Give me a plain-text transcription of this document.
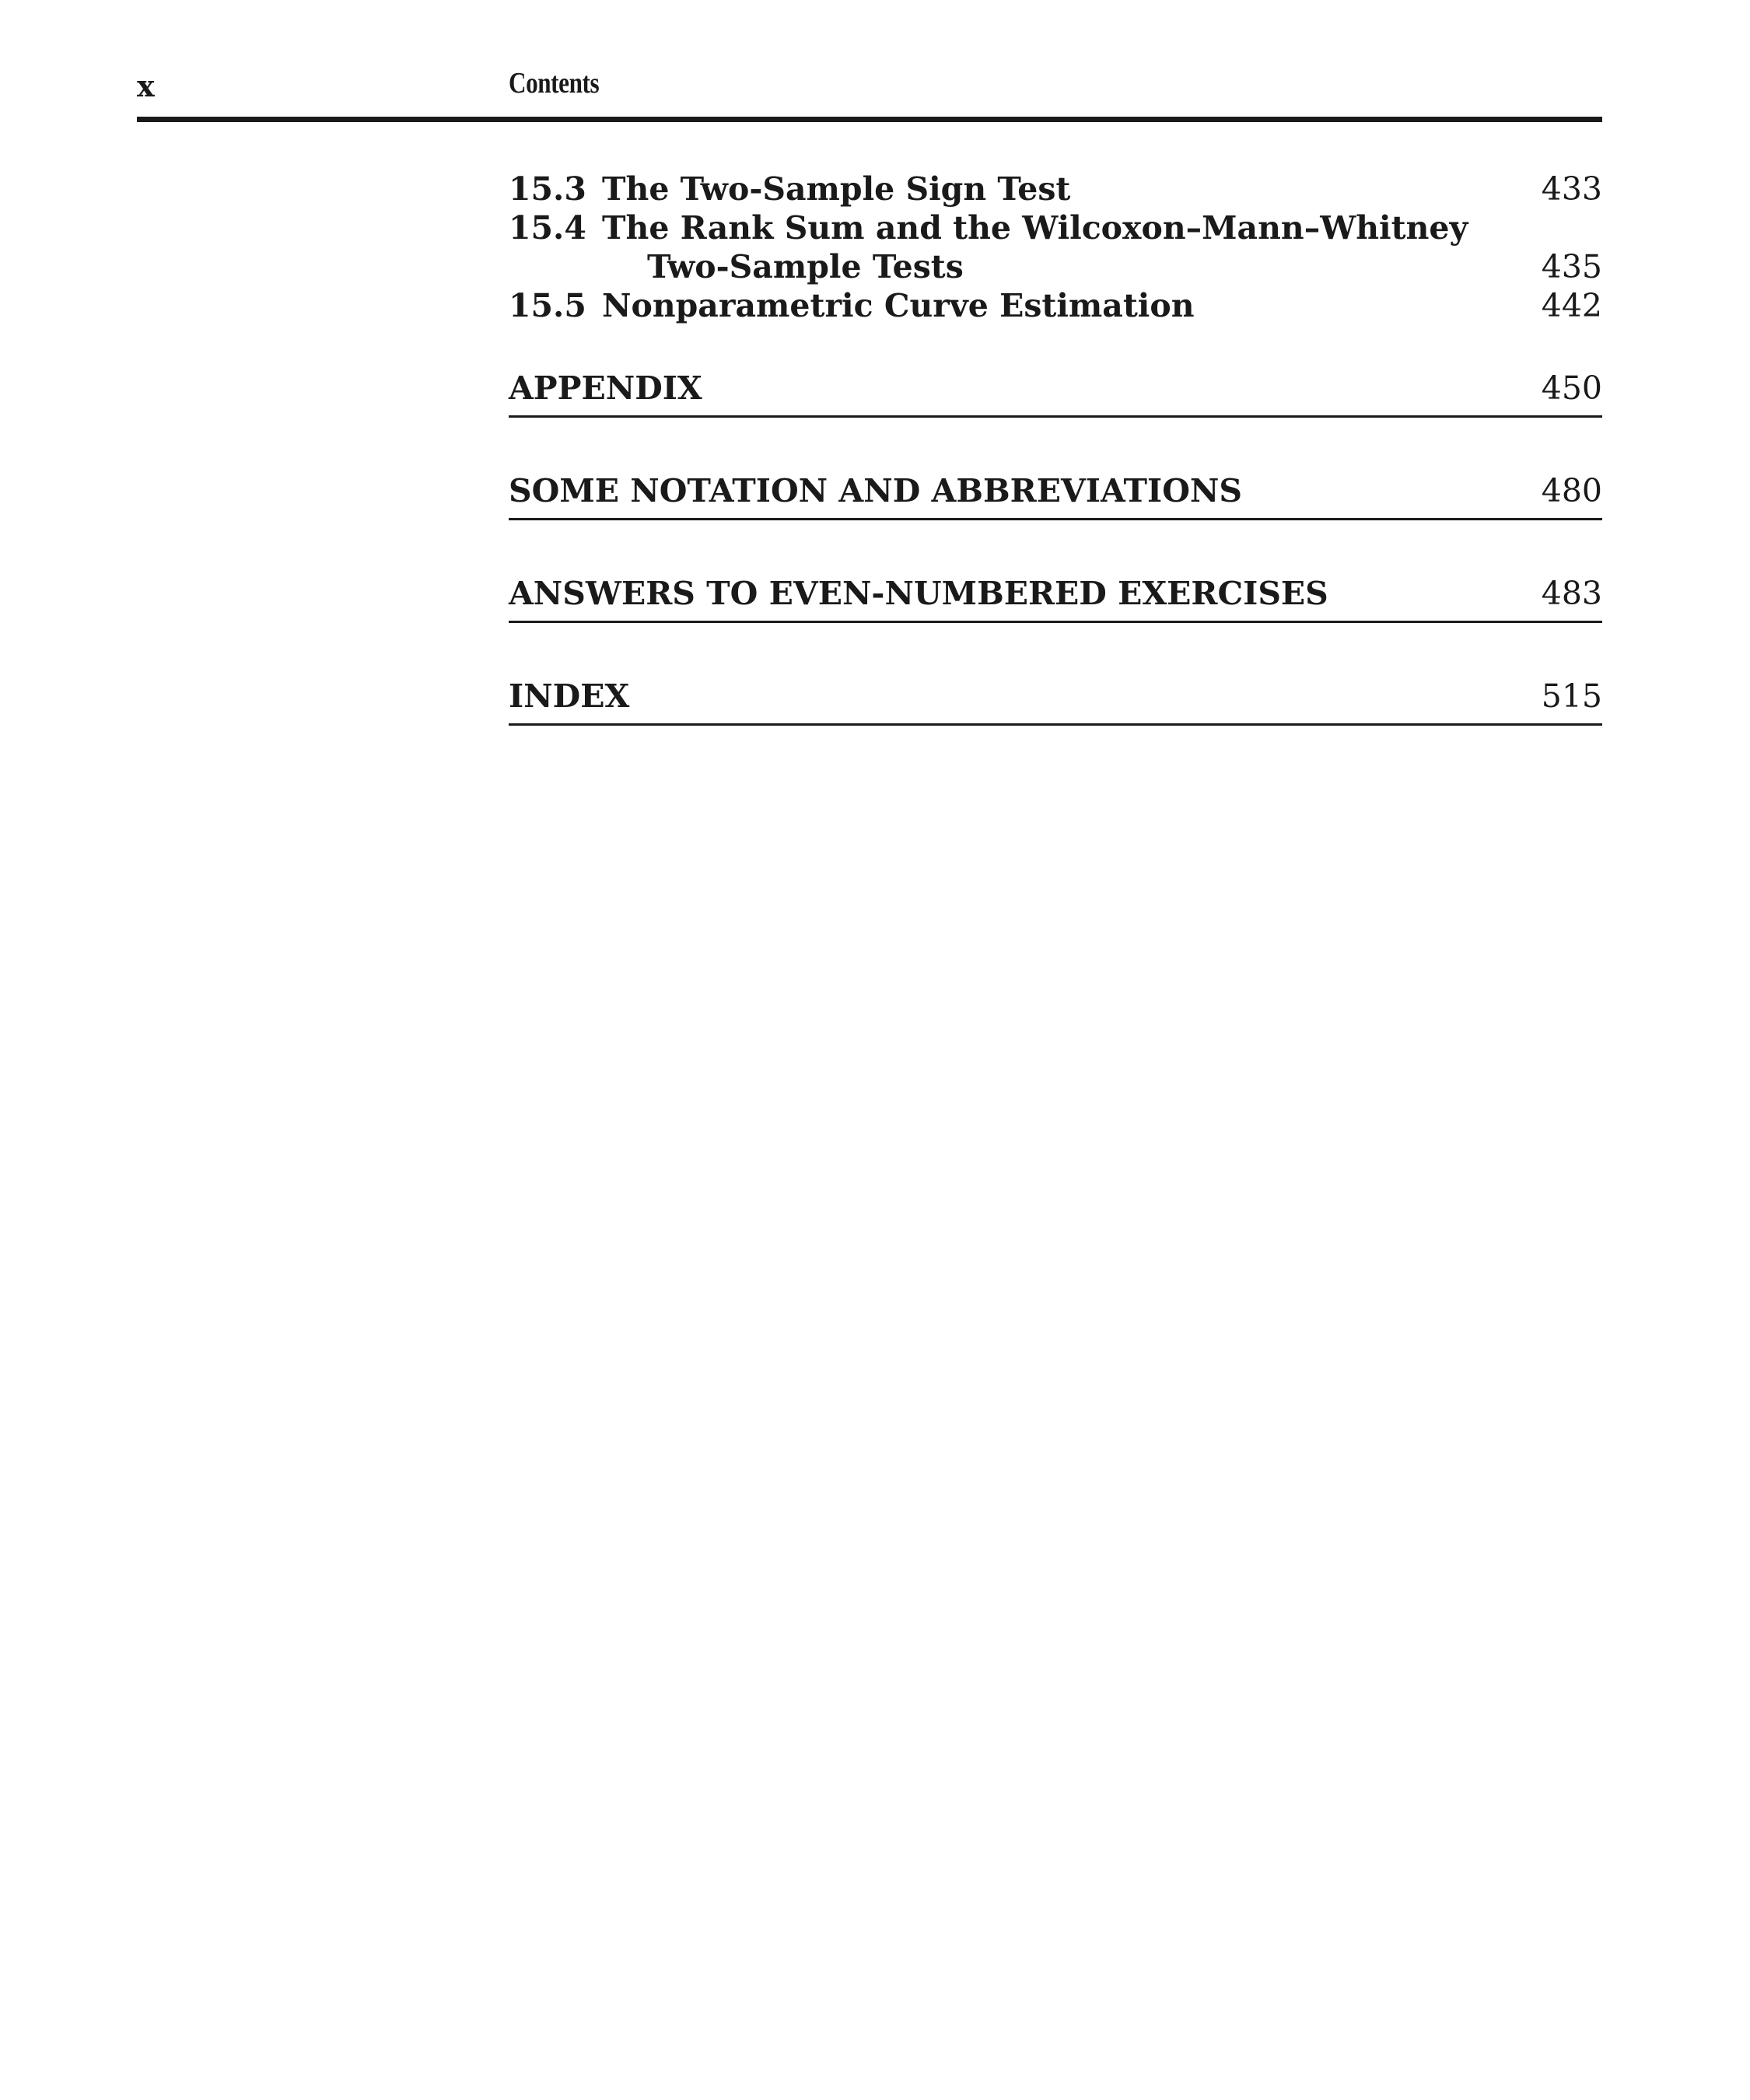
x	Contents
15.3 The Two-Sample Sign Test	433
15.4 The Rank Sum and the Wilcoxon–Mann–Whitney
Two-Sample Tests	435
15.5 Nonparametric Curve Estimation	442
APPENDIX	450
SOME NOTATION AND ABBREVIATIONS	480
ANSWERS TO EVEN-NUMBERED EXERCISES	483
INDEX	515
